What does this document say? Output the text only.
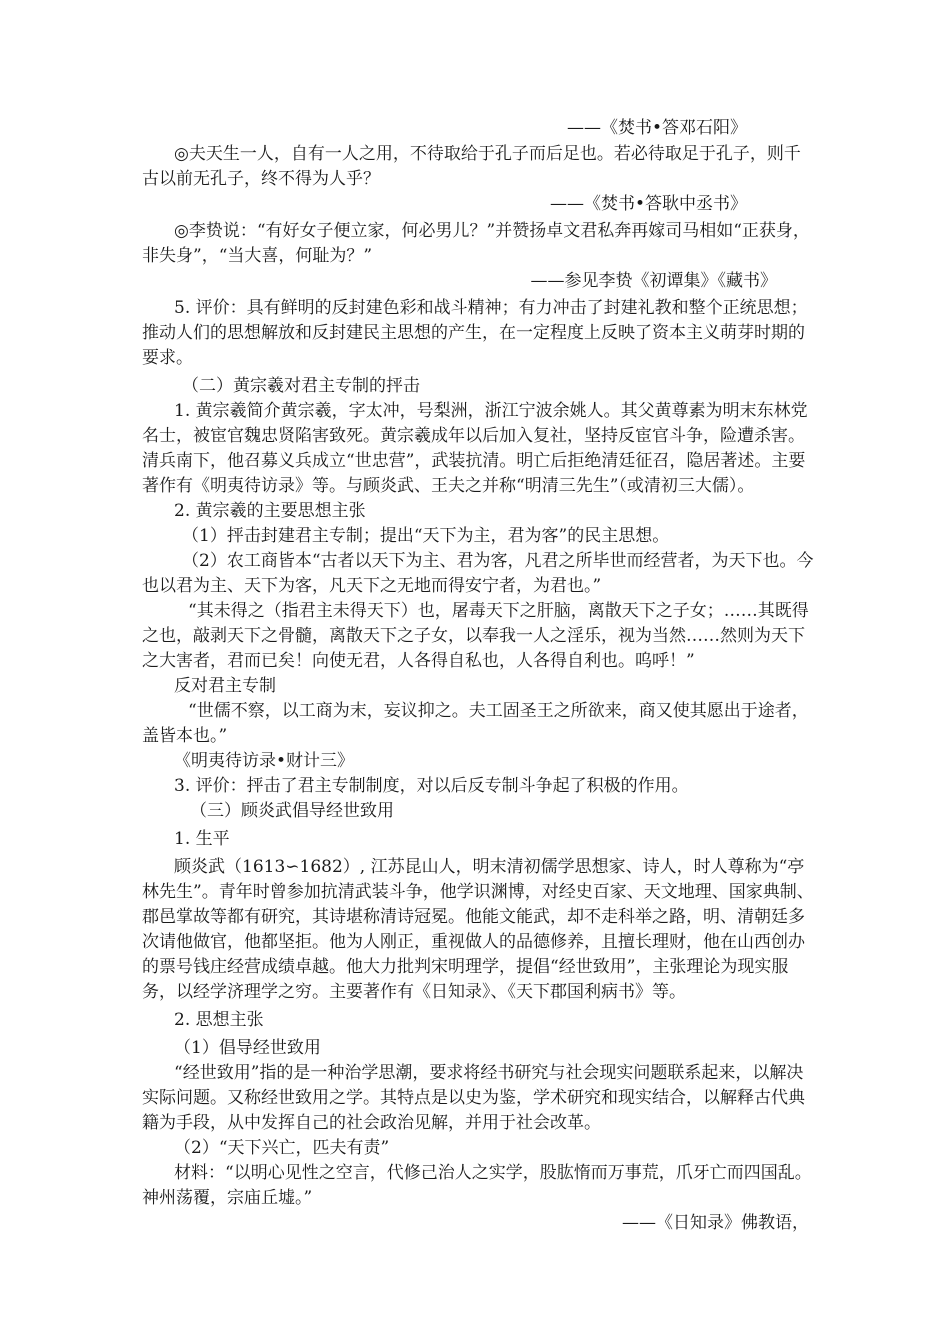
——《焚书•答邓石阳》

◎夫天生一人，自有一人之用，不待取给于孔子而后足也。若必待取足于孔子，则千古以前无孔子，终不得为人乎？

——《焚书•答耿中丞书》

◎李贽说：“有好女子便立家，何必男儿？”并赞扬卓文君私奔再嫁司马相如“正获身，非失身”，“当大喜，何耻为？”

——参见李贽《初谭集》《藏书》

5. 评价：具有鲜明的反封建色彩和战斗精神；有力冲击了封建礼教和整个正统思想；推动人们的思想解放和反封建民主思想的产生，在一定程度上反映了资本主义萌芽时期的要求。

（二）黄宗羲对君主专制的抨击

1. 黄宗羲简介黄宗羲，字太冲，号梨洲，浙江宁波余姚人。其父黄尊素为明末东林党名士，被宦官魏忠贤陷害致死。黄宗羲成年以后加入复社，坚持反宦官斗争，险遭杀害。清兵南下，他召募义兵成立“世忠营”，武装抗清。明亡后拒绝清廷征召，隐居著述。主要著作有《明夷待访录》等。与顾炎武、王夫之并称“明清三先生”（或清初三大儒）。

2. 黄宗羲的主要思想主张

（1）抨击封建君主专制；提出“天下为主，君为客”的民主思想。

（2）农工商皆本“古者以天下为主、君为客，凡君之所毕世而经营者，为天下也。今也以君为主、天下为客，凡天下之无地而得安宁者，为君也。”

“其未得之（指君主未得天下）也，屠毒天下之肝脑，离散天下之子女；……其既得之也，敲剥天下之骨髓，离散天下之子女，以奉我一人之淫乐，视为当然……然则为天下之大害者，君而已矣！向使无君，人各得自私也，人各得自利也。呜呼！”

反对君主专制

“世儒不察，以工商为末，妄议抑之。夫工固圣王之所欲来，商又使其愿出于途者，盖皆本也。”

《明夷待访录•财计三》

3. 评价：抨击了君主专制制度，对以后反专制斗争起了积极的作用。

（三）顾炎武倡导经世致用

1. 生平

顾炎武（1613∽1682）, 江苏昆山人，明末清初儒学思想家、诗人，时人尊称为“亭林先生”。青年时曾参加抗清武装斗争，他学识渊博，对经史百家、天文地理、国家典制、郡邑掌故等都有研究，其诗堪称清诗冠冕。他能文能武，却不走科举之路，明、清朝廷多次请他做官，他都坚拒。他为人刚正，重视做人的品德修养，且擅长理财，他在山西创办的票号钱庄经营成绩卓越。他大力批判宋明理学，提倡“经世致用”，主张理论为现实服务，以经学济理学之穷。主要著作有《日知录》、《天下郡国利病书》等。

2. 思想主张

（1）倡导经世致用

“经世致用”指的是一种治学思潮，要求将经书研究与社会现实问题联系起来，以解决实际问题。又称经世致用之学。其特点是以史为鉴，学术研究和现实结合，以解释古代典籍为手段，从中发挥自己的社会政治见解，并用于社会改革。

（2）“天下兴亡，匹夫有责”

材料：“以明心见性之空言，代修己治人之实学，股肱惰而万事荒，爪牙亡而四国乱。神州荡覆，宗庙丘墟。”

——《日知录》佛教语，
